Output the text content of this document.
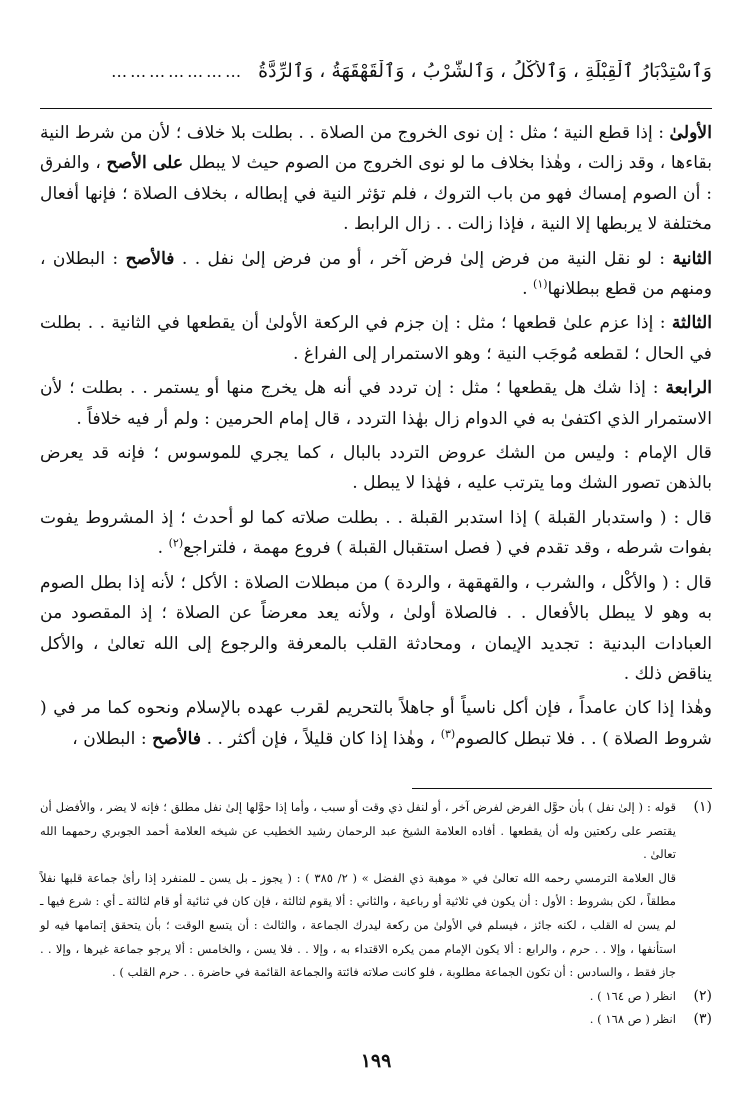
وَٱسْتِدْبَارُ ٱلْقِبْلَةِ ، وَٱلأَكْلُ ، وَٱلشُّرْبُ ، وَٱلْقَهْقَهَةُ ، وَٱلرِّدَّةُ …………………

الأولىٰ : إذا قطع النية ؛ مثل : إن نوى الخروج من الصلاة . . بطلت بلا خلاف ؛ لأن من شرط النية بقاءها ، وقد زالت ، وهٰذا بخلاف ما لو نوى الخروج من الصوم حيث لا يبطل على الأصح ، والفرق : أن الصوم إمساك فهو من باب التروك ، فلم تؤثر النية في إبطاله ، بخلاف الصلاة ؛ فإنها أفعال مختلفة لا يربطها إلا النية ، فإذا زالت . . زال الرابط .

الثانية : لو نقل النية من فرض إلىٰ فرض آخر ، أو من فرض إلىٰ نفل . . فالأصح : البطلان ، ومنهم من قطع ببطلانها$^{(١)}$ .

الثالثة : إذا عزم علىٰ قطعها ؛ مثل : إن جزم في الركعة الأولىٰ أن يقطعها في الثانية . . بطلت في الحال ؛ لقطعه مُوجَب النية ؛ وهو الاستمرار إلى الفراغ .

الرابعة : إذا شك هل يقطعها ؛ مثل : إن تردد في أنه هل يخرج منها أو يستمر . . بطلت ؛ لأن الاستمرار الذي اكتفىٰ به في الدوام زال بهٰذا التردد ، قال إمام الحرمين : ولم أر فيه خلافاً .

قال الإمام : وليس من الشك عروض التردد بالبال ، كما يجري للموسوس ؛ فإنه قد يعرض بالذهن تصور الشك وما يترتب عليه ، فهٰذا لا يبطل .

قال : ( واستدبار القبلة ) إذا استدبر القبلة . . بطلت صلاته كما لو أحدث ؛ إذ المشروط يفوت بفوات شرطه ، وقد تقدم في ( فصل استقبال القبلة ) فروع مهمة ، فلتراجع$^{(٢)}$ .

قال : ( والأكْل ، والشرب ، والقهقهة ، والردة ) من مبطلات الصلاة : الأكل ؛ لأنه إذا بطل الصوم به وهو لا يبطل بالأفعال . . فالصلاة أولىٰ ، ولأنه يعد معرضاً عن الصلاة ؛ إذ المقصود من العبادات البدنية : تجديد الإيمان ، ومحادثة القلب بالمعرفة والرجوع إلى الله تعالىٰ ، والأكل يناقض ذلك .

وهٰذا إذا كان عامداً ، فإن أكل ناسياً أو جاهلاً بالتحريم لقرب عهده بالإسلام ونحوه كما مر في ( شروط الصلاة ) . . فلا تبطل كالصوم$^{(٣)}$ ، وهٰذا إذا كان قليلاً ، فإن أكثر . . فالأصح : البطلان ،

(١)

قوله : ( إلىٰ نفل ) بأن حوَّل الفرض لفرض آخر ، أو لنفل ذي وقت أو سبب ، وأما إذا حوَّلها إلىٰ نفل مطلق ؛ فإنه لا يضر ، والأفضل أن يقتصر على ركعتين وله أن يقطعها . أفاده العلامة الشيخ عبد الرحمان رشيد الخطيب عن شيخه العلامة أحمد الجوبري رحمهما الله تعالىٰ .

قال العلامة الترمسي رحمه الله تعالىٰ في « موهبة ذي الفضل » ( ٢/ ٣٨٥ ) : ( يجوز ـ بل يسن ـ للمنفرد إذا رأىٰ جماعة قلبها نفلاً مطلقاً ، لكن بشروط : الأول : أن يكون في ثلاثية أو رباعية ، والثاني : ألا يقوم لثالثة ، فإن كان في ثنائية أو قام لثالثة ـ أي : شرع فيها ـ لم يسن له القلب ، لكنه جائز ، فيسلم في الأولىٰ من ركعة ليدرك الجماعة ، والثالث : أن يتسع الوقت ؛ بأن يتحقق إتمامها فيه لو استأنفها ، وإلا . . حرم ، والرابع : ألا يكون الإمام ممن يكره الاقتداء به ، وإلا . . فلا يسن ، والخامس : ألا يرجو جماعة غيرها ، وإلا . . جاز فقط ، والسادس : أن تكون الجماعة مطلوبة ، فلو كانت صلاته فائتة والجماعة القائمة في حاضرة . . حرم القلب ) .

(٢)

انظر ( ص ١٦٤ ) .

(٣)

انظر ( ص ١٦٨ ) .

١٩٩
